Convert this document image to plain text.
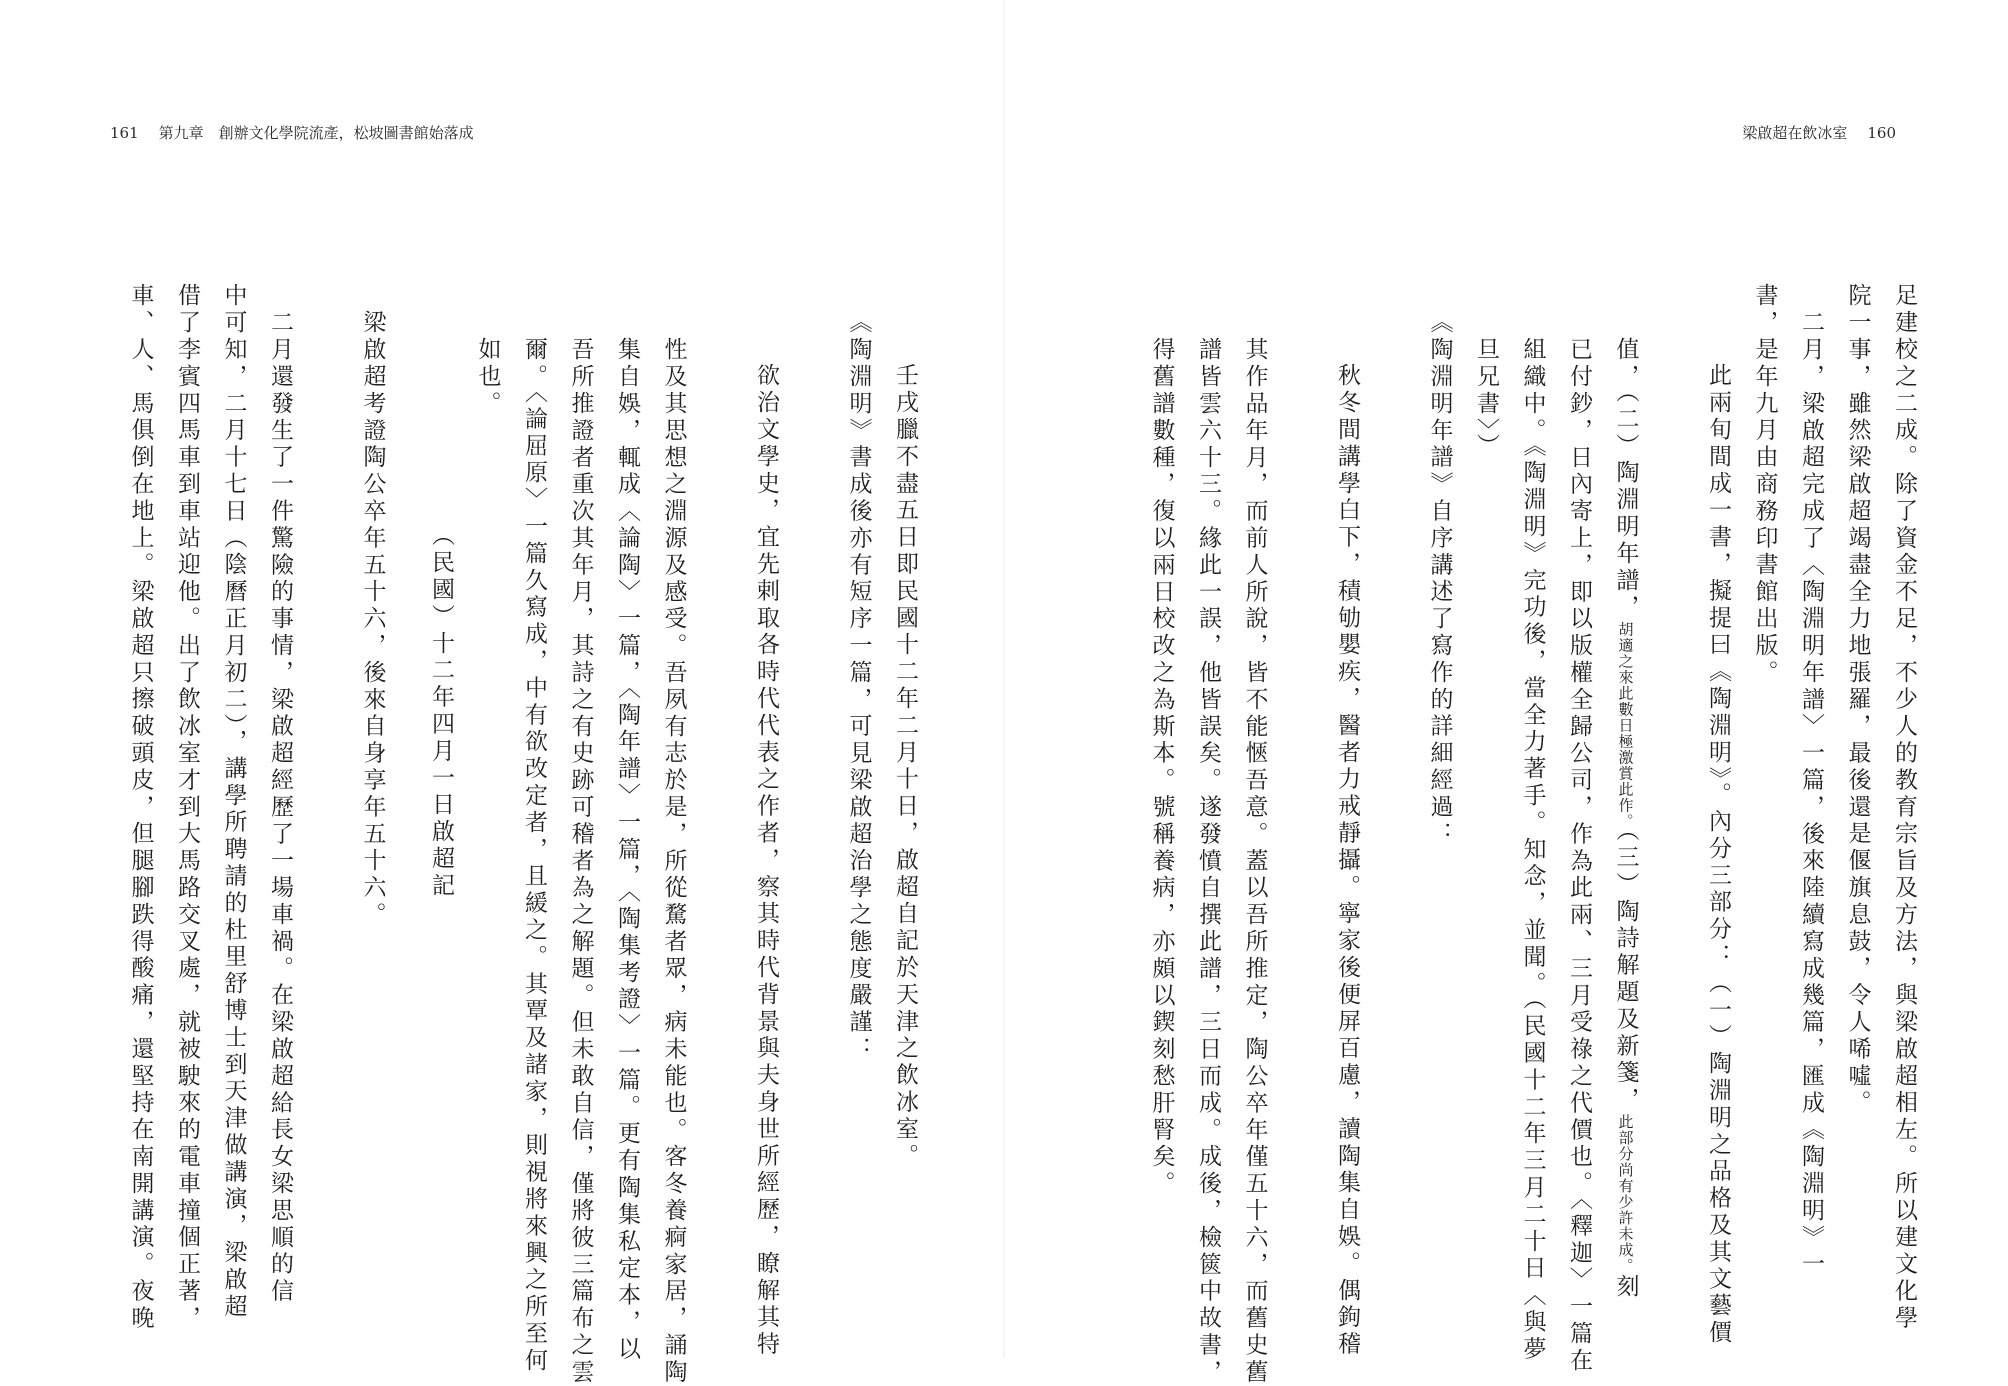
161 第九章　創辦文化學院流產，松坡圖書館始落成	梁啟超在飲冰室 160

足建校之二成。除了資金不足，不少人的教育宗旨及方法，與梁啟超相左。所以建文化學

院一事，雖然梁啟超竭盡全力地張羅，最後還是偃旗息鼓，令人唏噓。

二月，梁啟超完成了〈陶淵明年譜〉一篇，後來陸續寫成幾篇，匯成《陶淵明》一

書，是年九月由商務印書館出版。

此兩旬間成一書，擬提曰《陶淵明》。內分三部分：（一）陶淵明之品格及其文藝價

值，（二）陶淵明年譜，胡適之來此數日極激賞此作。（三）陶詩解題及新箋，此部分尚有少許未成。刻

已付鈔，日內寄上，即以版權全歸公司，作為此兩、三月受祿之代價也。〈釋迦〉一篇在

組織中。《陶淵明》完功後，當全力著手。知念，並聞。（民國十二年三月二十日〈與夢

旦兄書〉）

《陶淵明年譜》自序講述了寫作的詳細經過：

秋冬間講學白下，積劬嬰疾，醫者力戒靜攝。寧家後便屏百慮，讀陶集自娛。偶鉤稽

其作品年月，而前人所說，皆不能愜吾意。蓋以吾所推定，陶公卒年僅五十六，而舊史舊

譜皆雲六十三。緣此一誤，他皆誤矣。遂發憤自撰此譜，三日而成。成後，檢篋中故書，

得舊譜數種，復以兩日校改之為斯本。號稱養病，亦頗以鍥刻愁肝腎矣。

壬戌臘不盡五日即民國十二年二月十日，啟超自記於天津之飲冰室。

《陶淵明》書成後亦有短序一篇，可見梁啟超治學之態度嚴謹：

欲治文學史，宜先剌取各時代代表之作者，察其時代背景與夫身世所經歷，瞭解其特

性及其思想之淵源及感受。吾夙有志於是，所從騖者眾，病未能也。客冬養痾家居，誦陶

集自娛，輒成〈論陶〉一篇，〈陶年譜〉一篇，〈陶集考證〉一篇。更有陶集私定本，以

吾所推證者重次其年月，其詩之有史跡可稽者為之解題。但未敢自信，僅將彼三篇布之雲

爾。〈論屈原〉一篇久寫成，中有欲改定者，且緩之。其覃及諸家，則視將來興之所至何

如也。

（民國）十二年四月一日啟超記

梁啟超考證陶公卒年五十六，後來自身享年五十六。

二月還發生了一件驚險的事情，梁啟超經歷了一場車禍。在梁啟超給長女梁思順的信

中可知，二月十七日（陰曆正月初二），講學所聘請的杜里舒博士到天津做講演，梁啟超

借了李賓四馬車到車站迎他。出了飲冰室才到大馬路交叉處，就被駛來的電車撞個正著，

車、人、馬俱倒在地上。梁啟超只擦破頭皮，但腿腳跌得酸痛，還堅持在南開講演。夜晚
